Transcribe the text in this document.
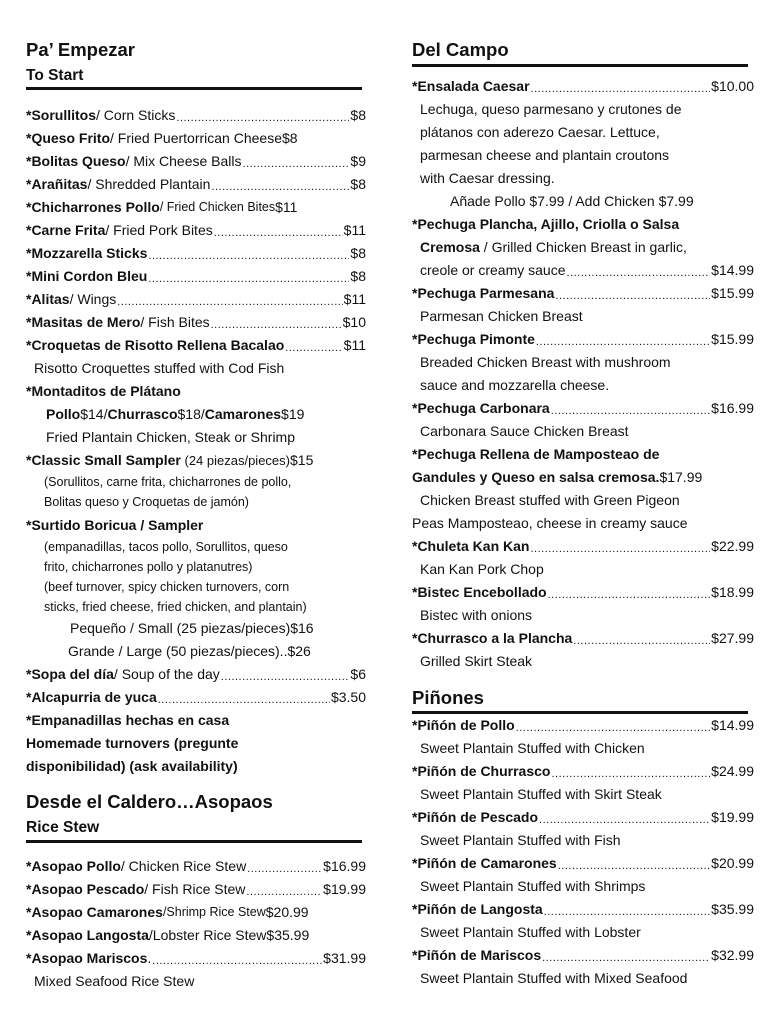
Pa’ Empezar
To Start
*Sorullitos / Corn Sticks .....	$8
*Queso Frito / Fried Puertorrican Cheese $8
*Bolitas Queso / Mix Cheese Balls .....	$9
*Arañitas / Shredded Plantain .....	$8
*Chicharrones Pollo / Fried Chicken Bites $11
*Carne Frita / Fried Pork Bites .....	$11
*Mozzarella Sticks .....	$8
*Mini Cordon Bleu .....	$8
*Alitas / Wings .....	$11
*Masitas de Mero / Fish Bites .....	$10
*Croquetas de Risotto Rellena Bacalao .....	$11
Risotto Croquettes stuffed with Cod Fish
*Montaditos de Plátano
Pollo$14/Churrasco$18/Camarones$19
Fried Plantain Chicken, Steak or Shrimp
*Classic Small Sampler (24 piezas/pieces)$15
(Sorullitos, carne frita, chicharrones de pollo,
Bolitas queso y Croquetas de jamón)
*Surtido Boricua / Sampler
(empanadillas, tacos pollo, Sorullitos, queso
frito, chicharrones pollo y platanutres)
(beef turnover, spicy chicken turnovers, corn
sticks, fried cheese, fried chicken, and plantain)
Pequeño / Small (25 piezas/pieces)$16
Grande / Large (50 piezas/pieces)..$26
*Sopa del día / Soup of the day .....	$6
*Alcapurria de yuca .....	$3.50
*Empanadillas hechas en casa
Homemade turnovers (pregunte
disponibilidad) (ask availability)
Desde el Caldero…Asopaos
Rice Stew
*Asopao Pollo / Chicken Rice Stew .....	$16.99
*Asopao Pescado / Fish Rice Stew .....	$19.99
*Asopao Camarones /Shrimp Rice Stew $20.99
*Asopao Langosta /Lobster Rice Stew $35.99
*Asopao Mariscos . .....	$31.99
Mixed Seafood Rice Stew
Del Campo
*Ensalada Caesar .....	$10.00
Lechuga, queso parmesano y crutones de
plátanos con aderezo Caesar. Lettuce,
parmesan cheese and plantain croutons
with Caesar dressing.
Añade Pollo $7.99 / Add Chicken $7.99
*Pechuga Plancha, Ajillo, Criolla o Salsa
Cremosa / Grilled Chicken Breast in garlic,
creole or creamy sauce .....	$14.99
*Pechuga Parmesana .....	$15.99
Parmesan Chicken Breast
*Pechuga Pimonte .....	$15.99
Breaded Chicken Breast with mushroom
sauce and mozzarella cheese.
*Pechuga Carbonara .....	$16.99
Carbonara Sauce Chicken Breast
*Pechuga Rellena de Mamposteao de
Gandules y Queso en salsa cremosa.$17.99
Chicken Breast stuffed with Green Pigeon
Peas Mamposteao, cheese in creamy sauce
*Chuleta Kan Kan .....	$22.99
Kan Kan Pork Chop
*Bistec Encebollado .....	$18.99
Bistec with onions
*Churrasco a la Plancha .....	$27.99
Grilled Skirt Steak
Piñones
*Piñón de Pollo .....	$14.99
Sweet Plantain Stuffed with Chicken
*Piñón de Churrasco .....	$24.99
Sweet Plantain Stuffed with Skirt Steak
*Piñón de Pescado .....	$19.99
Sweet Plantain Stuffed with Fish
*Piñón de Camarones .....	$20.99
Sweet Plantain Stuffed with Shrimps
*Piñón de Langosta .....	$35.99
Sweet Plantain Stuffed with Lobster
*Piñón de Mariscos .....	$32.99
Sweet Plantain Stuffed with Mixed Seafood
